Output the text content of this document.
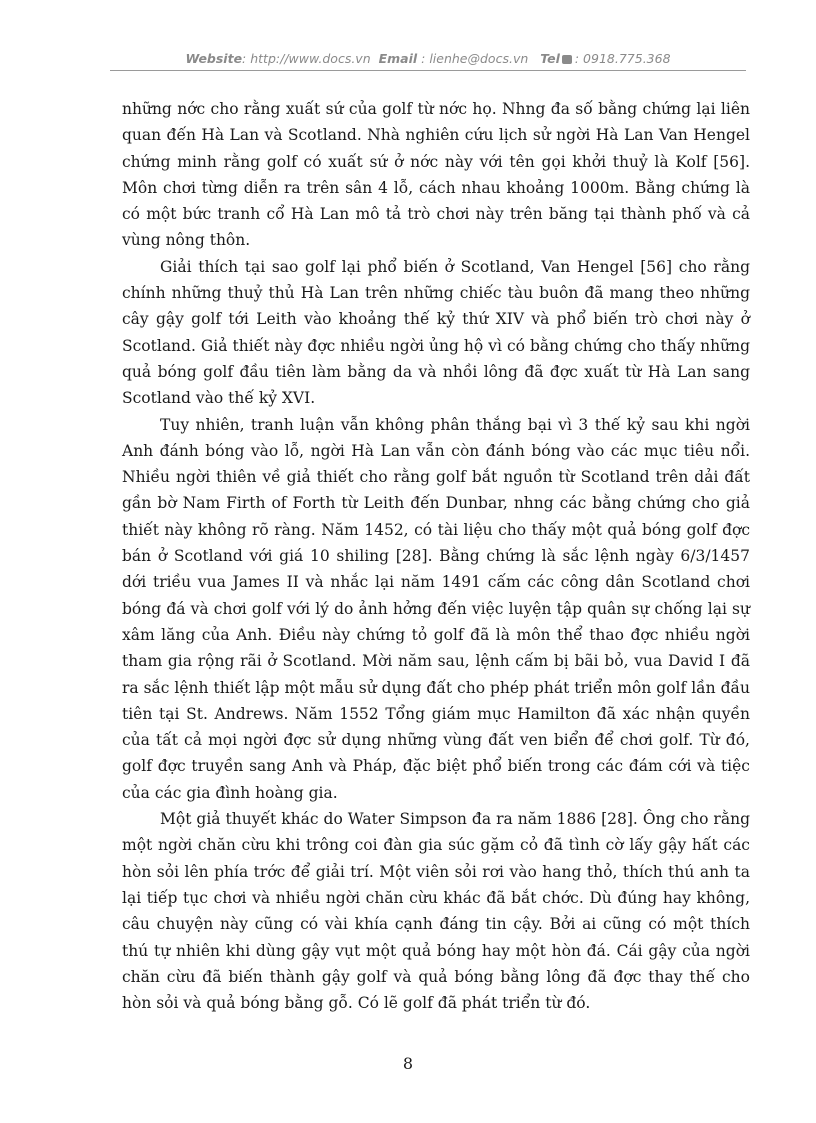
Website: http://www.docs.vn Email : lienhe@docs.vn Tel : 0918.775.368

những nớc cho rằng xuất sứ của golf từ nớc họ. Nhng đa số bằng chứng lại liên quan đến Hà Lan và Scotland. Nhà nghiên cứu lịch sử ngời Hà Lan Van Hengel chứng minh rằng golf có xuất sứ ở nớc này với tên gọi khởi thuỷ là Kolf [56]. Môn chơi từng diễn ra trên sân 4 lỗ, cách nhau khoảng 1000m. Bằng chứng là có một bức tranh cổ Hà Lan mô tả trò chơi này trên băng tại thành phố và cả vùng nông thôn.

Giải thích tại sao golf lại phổ biến ở Scotland, Van Hengel [56] cho rằng chính những thuỷ thủ Hà Lan trên những chiếc tàu buôn đã mang theo những cây gậy golf tới Leith vào khoảng thế kỷ thứ XIV và phổ biến trò chơi này ở Scotland. Giả thiết này đợc nhiều ngời ủng hộ vì có bằng chứng cho thấy những quả bóng golf đầu tiên làm bằng da và nhồi lông đã đợc xuất từ Hà Lan sang Scotland vào thế kỷ XVI.

Tuy nhiên, tranh luận vẫn không phân thắng bại vì 3 thế kỷ sau khi ngời Anh đánh bóng vào lỗ, ngời Hà Lan vẫn còn đánh bóng vào các mục tiêu nổi. Nhiều ngời thiên về giả thiết cho rằng golf bắt nguồn từ Scotland trên dải đất gần bờ Nam Firth of Forth từ Leith đến Dunbar, nhng các bằng chứng cho giả thiết này không rõ ràng. Năm 1452, có tài liệu cho thấy một quả bóng golf đợc bán ở Scotland với giá 10 shiling [28]. Bằng chứng là sắc lệnh ngày 6/3/1457 dới triều vua James II và nhắc lại năm 1491 cấm các công dân Scotland chơi bóng đá và chơi golf với lý do ảnh hởng đến việc luyện tập quân sự chống lại sự xâm lăng của Anh. Điều này chứng tỏ golf đã là môn thể thao đợc nhiều ngời tham gia rộng rãi ở Scotland. Mời năm sau, lệnh cấm bị bãi bỏ, vua David I đã ra sắc lệnh thiết lập một mẫu sử dụng đất cho phép phát triển môn golf lần đầu tiên tại St. Andrews. Năm 1552 Tổng giám mục Hamilton đã xác nhận quyền của tất cả mọi ngời đợc sử dụng những vùng đất ven biển để chơi golf. Từ đó, golf đợc truyền sang Anh và Pháp, đặc biệt phổ biến trong các đám cới và tiệc của các gia đình hoàng gia.

Một giả thuyết khác do Water Simpson đa ra năm 1886 [28]. Ông cho rằng một ngời chăn cừu khi trông coi đàn gia súc gặm cỏ đã tình cờ lấy gậy hất các hòn sỏi lên phía trớc để giải trí. Một viên sỏi rơi vào hang thỏ, thích thú anh ta lại tiếp tục chơi và nhiều ngời chăn cừu khác đã bắt chớc. Dù đúng hay không, câu chuyện này cũng có vài khía cạnh đáng tin cậy. Bởi ai cũng có một thích thú tự nhiên khi dùng gậy vụt một quả bóng hay một hòn đá. Cái gậy của ngời chăn cừu đã biến thành gậy golf và quả bóng bằng lông đã đợc thay thế cho hòn sỏi và quả bóng bằng gỗ. Có lẽ golf đã phát triển từ đó.

8
